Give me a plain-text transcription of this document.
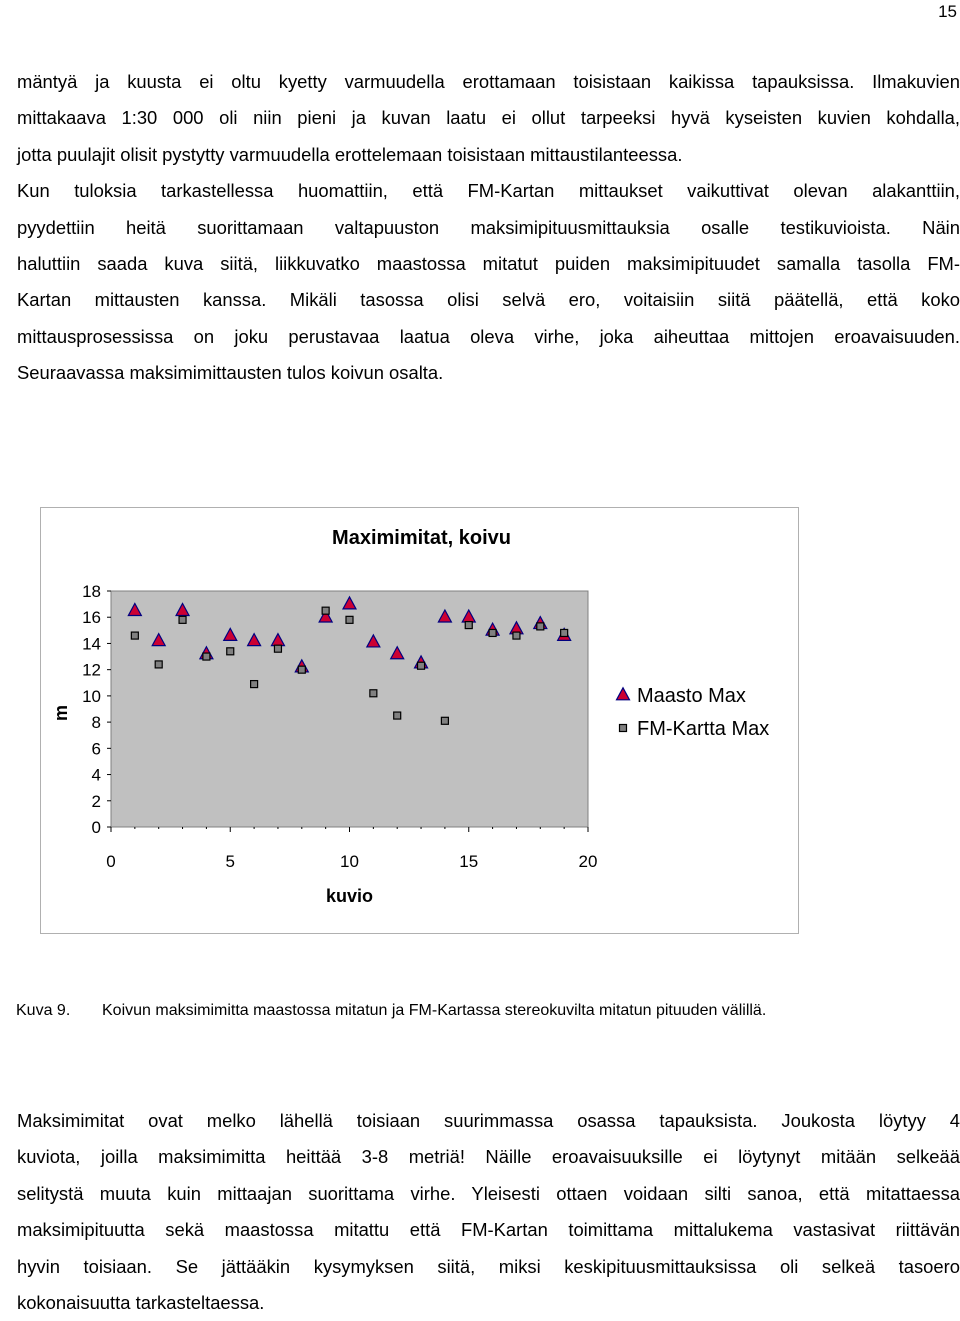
15
mäntyä ja kuusta ei oltu kyetty varmuudella erottamaan toisistaan kaikissa tapauksissa. Ilmakuvien
mittakaava 1:30 000 oli niin pieni ja kuvan laatu ei ollut tarpeeksi hyvä kyseisten kuvien kohdalla,
jotta puulajit olisit pystytty varmuudella erottelemaan toisistaan mittaustilanteessa.
Kun tuloksia tarkastellessa huomattiin, että FM-Kartan mittaukset vaikuttivat olevan alakanttiin,
pyydettiin heitä suorittamaan valtapuuston maksimipituusmittauksia osalle testikuvioista. Näin
haluttiin saada kuva siitä, liikkuvatko maastossa mitatut puiden maksimipituudet samalla tasolla FM-
Kartan mittausten kanssa. Mikäli tasossa olisi selvä ero, voitaisiin siitä päätellä, että koko
mittausprosessissa on joku perustavaa laatua oleva virhe, joka aiheuttaa mittojen eroavaisuuden.
Seuraavassa maksimimittausten tulos koivun osalta.
Maximimitat, koivu
18
16
14
12
10
8
6
4
2
0
0	5	10	15	20
kuvio
m
Maasto Max
FM-Kartta Max
Kuva 9. Koivun maksimimitta maastossa mitatun ja FM-Kartassa stereokuvilta mitatun pituuden välillä.
Maksimimitat ovat melko lähellä toisiaan suurimmassa osassa tapauksista. Joukosta löytyy 4
kuviota, joilla maksimimitta heittää 3-8 metriä! Näille eroavaisuuksille ei löytynyt mitään selkeää
selitystä muuta kuin mittaajan suorittama virhe. Yleisesti ottaen voidaan silti sanoa, että mitattaessa
maksimipituutta sekä maastossa mitattu että FM-Kartan toimittama mittalukema vastasivat riittävän
hyvin toisiaan. Se jättääkin kysymyksen siitä, miksi keskipituusmittauksissa oli selkeä tasoero
kokonaisuutta tarkasteltaessa.
